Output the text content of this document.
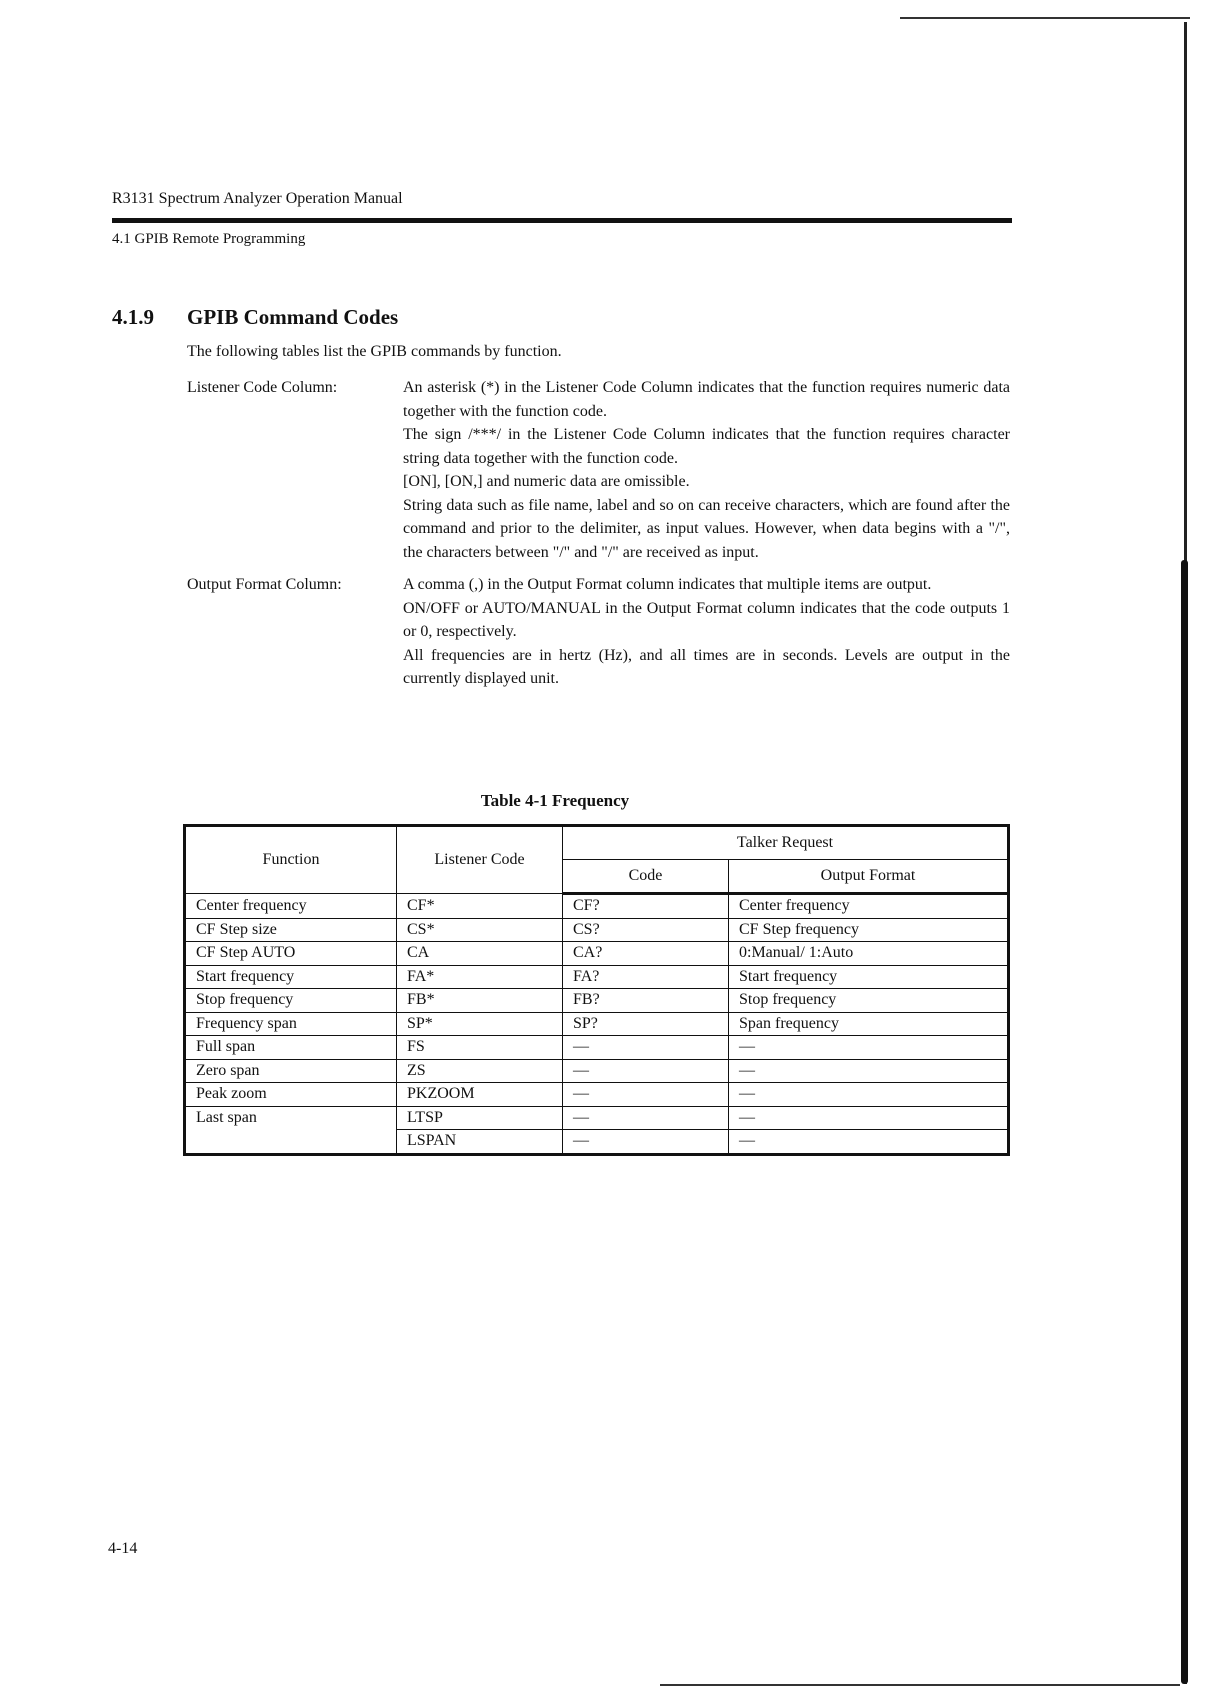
R3131 Spectrum Analyzer Operation Manual
4.1 GPIB Remote Programming
4.1.9 GPIB Command Codes
The following tables list the GPIB commands by function.
Listener Code Column:	An asterisk (*) in the Listener Code Column indicates that the function requires numeric data together with the function code.

The sign /***/ in the Listener Code Column indicates that the function requires character string data together with the function code.

[ON], [ON,] and numeric data are omissible.

String data such as file name, label and so on can receive characters, which are found after the command and prior to the delimiter, as input values. However, when data begins with a "/", the characters between "/" and "/" are received as input.

Output Format Column:	A comma (,) in the Output Format column indicates that multiple items are output.

ON/OFF or AUTO/MANUAL in the Output Format column indicates that the code outputs 1 or 0, respectively.

All frequencies are in hertz (Hz), and all times are in seconds. Levels are output in the currently displayed unit.

Table 4-1 Frequency
Function	Listener Code	Talker Request	
		Code	Output Format
Center frequency	CF*	CF?	Center frequency
CF Step size	CS*	CS?	CF Step frequency
CF Step AUTO	CA	CA?	0:Manual/ 1:Auto
Start frequency	FA*	FA?	Start frequency
Stop frequency	FB*	FB?	Stop frequency
Frequency span	SP*	SP?	Span frequency
Full span	FS	—	—
Zero span	ZS	—	—
Peak zoom	PKZOOM	—	—
Last span	LTSP	—	—
	LSPAN	—	—
4-14
